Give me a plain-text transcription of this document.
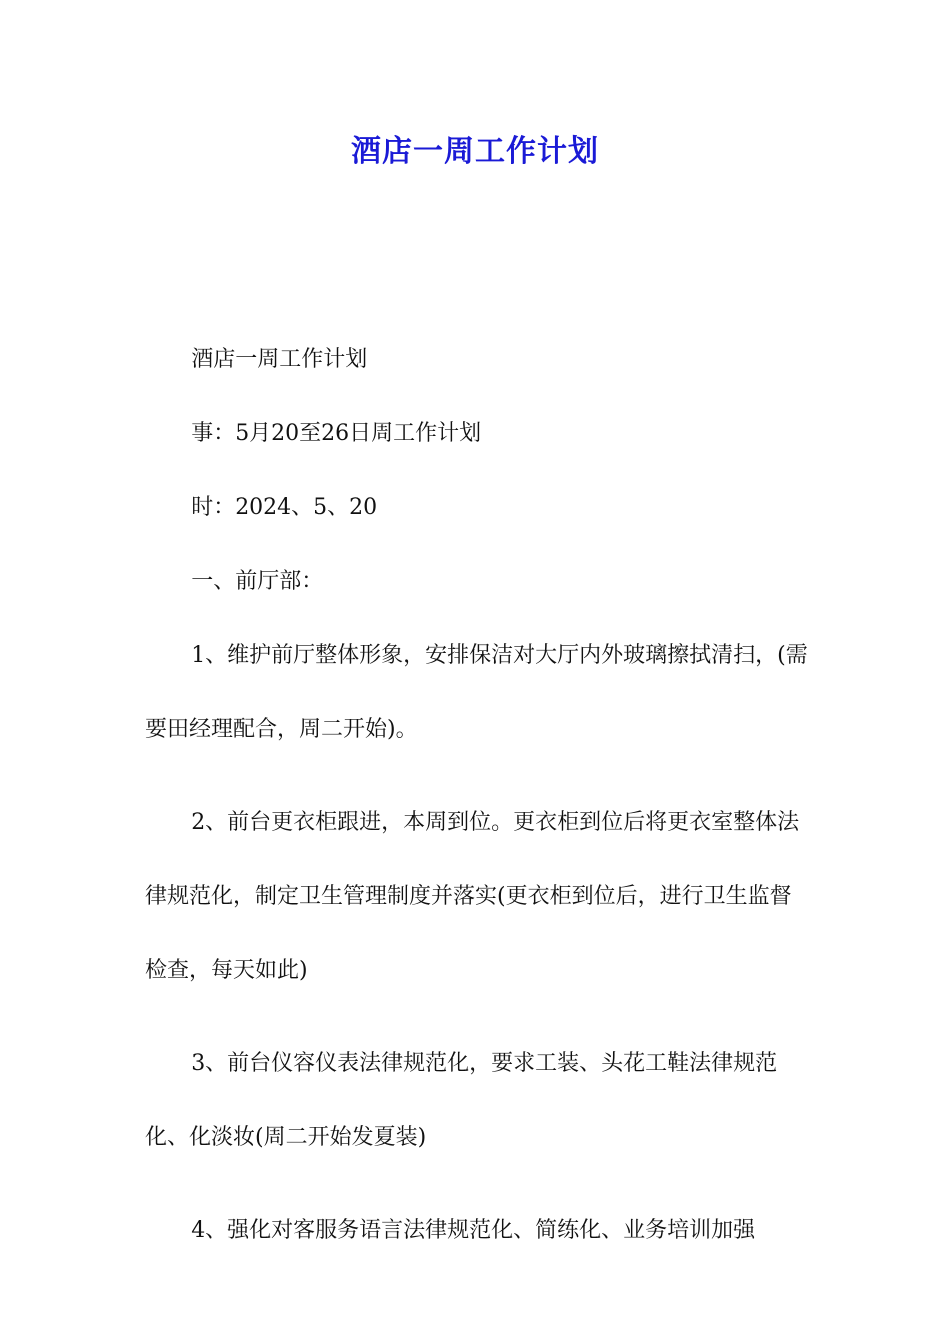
酒店一周工作计划

酒店一周工作计划

事：5月20至26日周工作计划

时：2024、5、20

一、前厅部：

1、维护前厅整体形象，安排保洁对大厅内外玻璃擦拭清扫，(需要田经理配合，周二开始)。

2、前台更衣柜跟进，本周到位。更衣柜到位后将更衣室整体法律规范化，制定卫生管理制度并落实(更衣柜到位后，进行卫生监督检查，每天如此)

3、前台仪容仪表法律规范化，要求工装、头花工鞋法律规范化、化淡妆(周二开始发夏装)

4、强化对客服务语言法律规范化、简练化、业务培训加强
